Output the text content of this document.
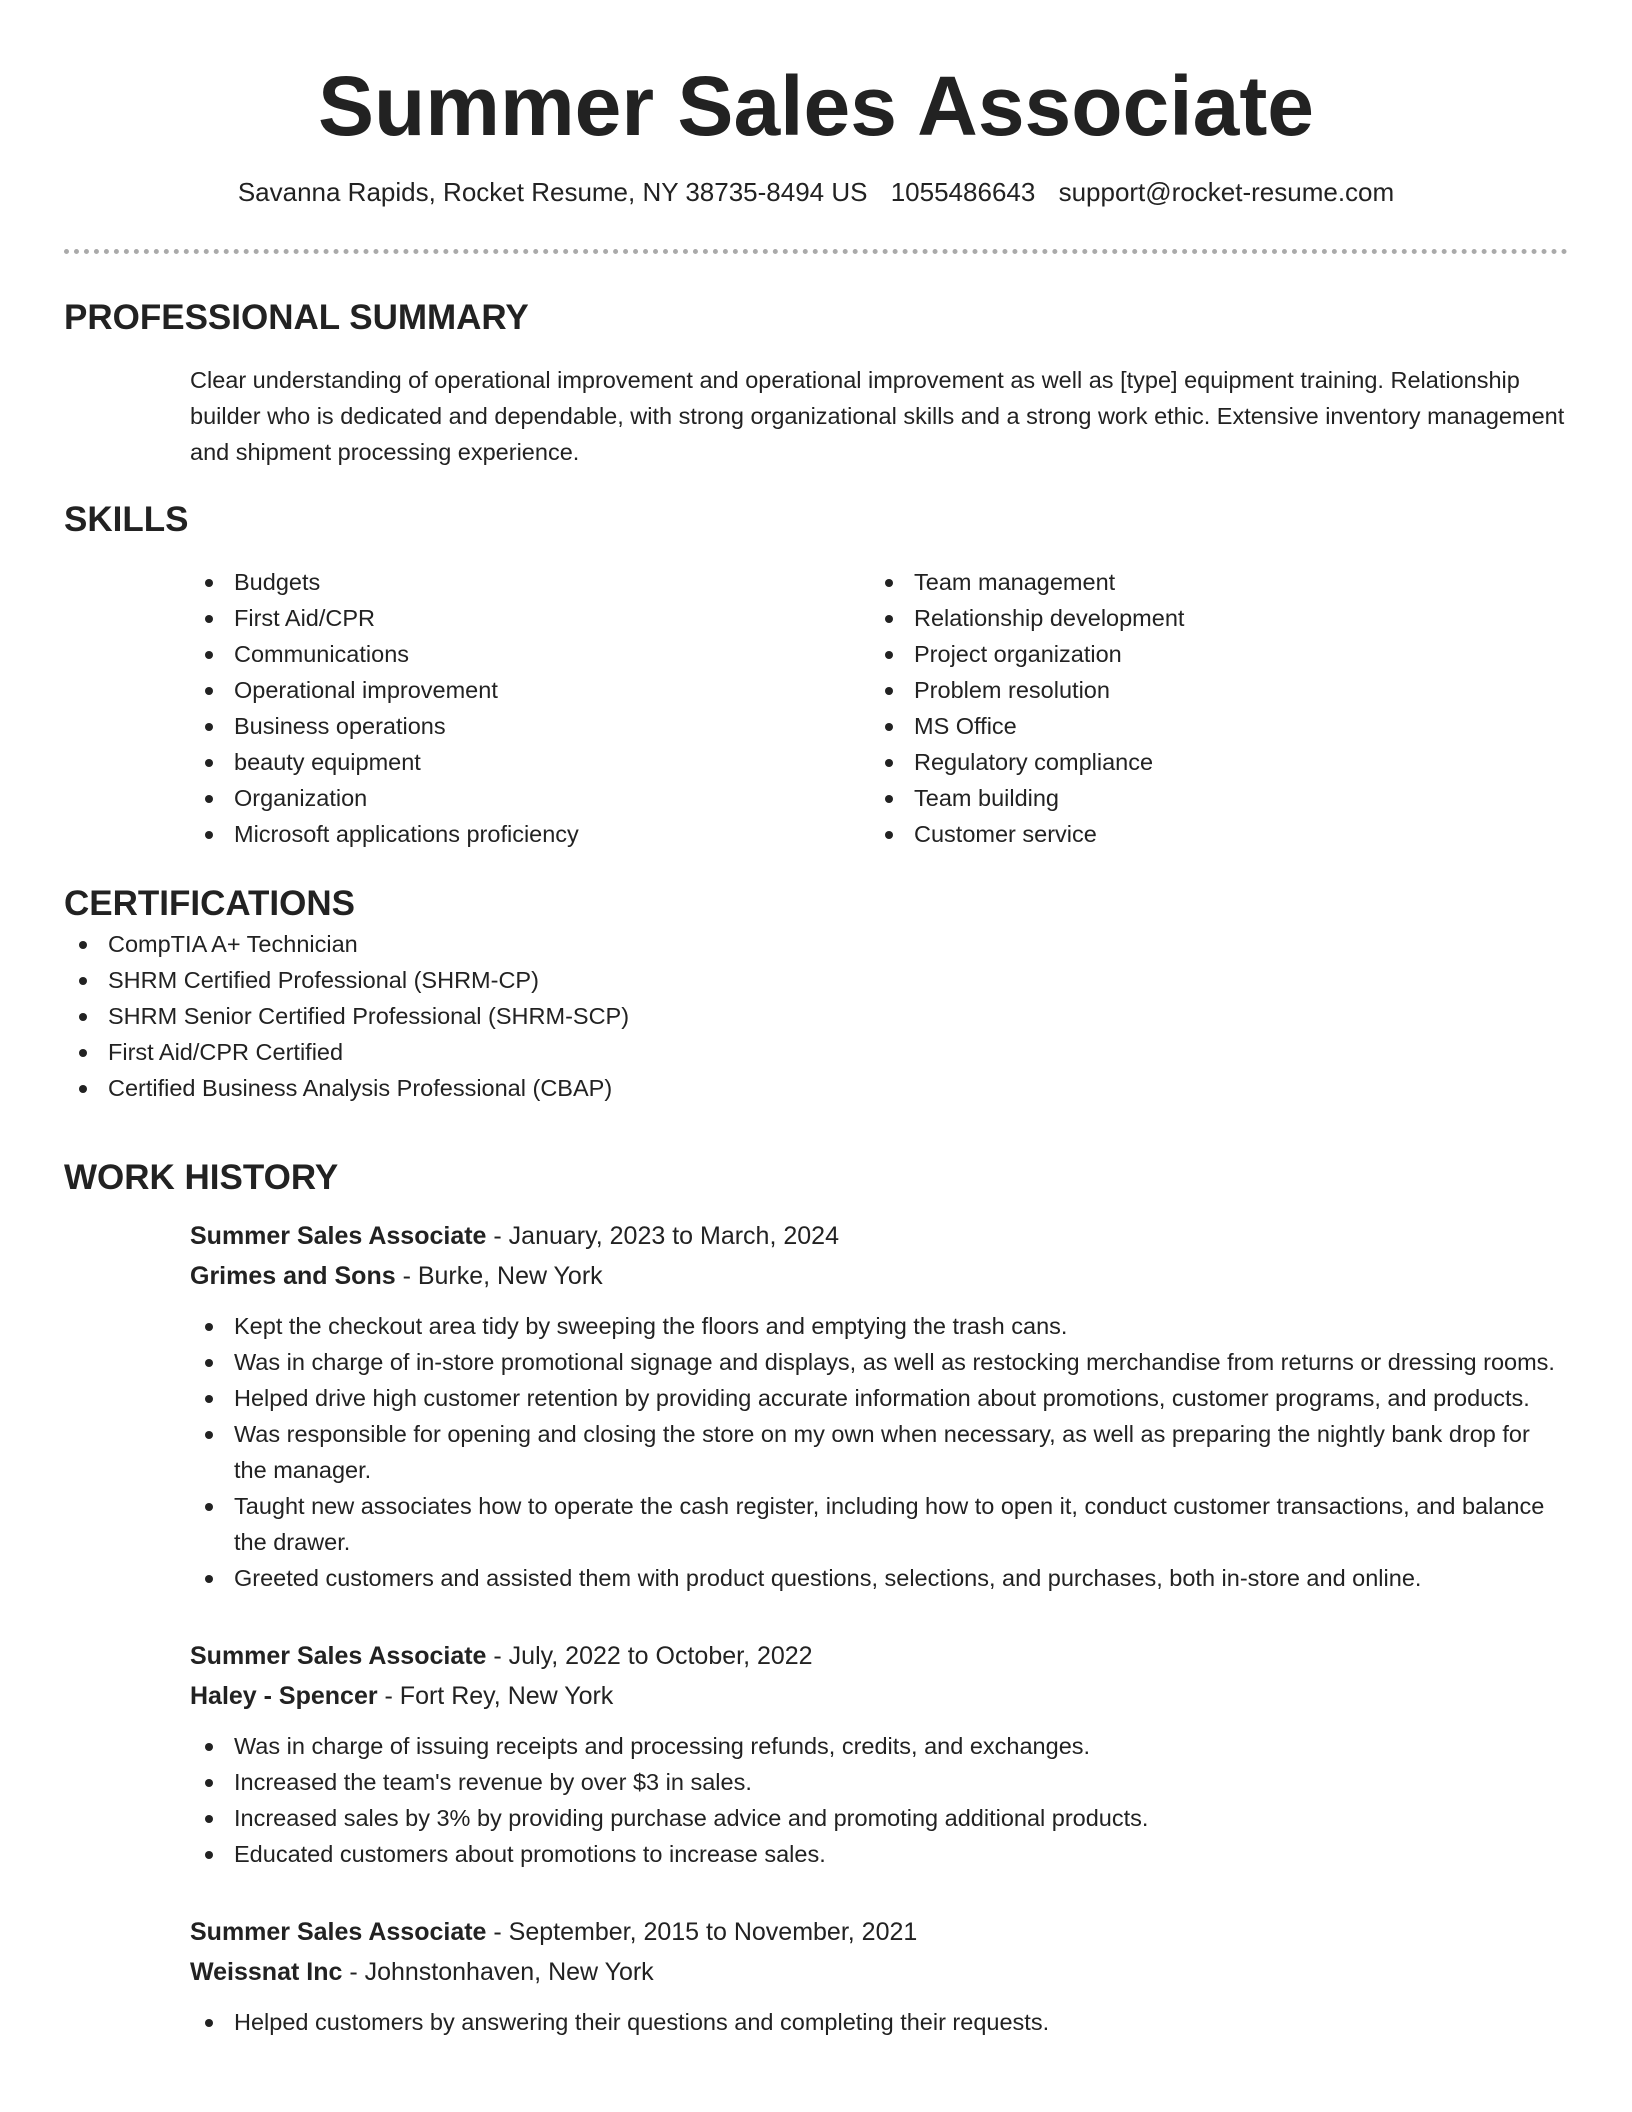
Summer Sales Associate
Savanna Rapids, Rocket Resume, NY 38735-8494 US 1055486643 support@rocket-resume.com
PROFESSIONAL SUMMARY

Clear understanding of operational improvement and operational improvement as well as [type] equipment training. Relationship builder who is dedicated and dependable, with strong organizational skills and a strong work ethic. Extensive inventory management and shipment processing experience.

SKILLS
Budgets
First Aid/CPR
Communications
Operational improvement
Business operations
beauty equipment
Organization
Microsoft applications proficiency
Team management
Relationship development
Project organization
Problem resolution
MS Office
Regulatory compliance
Team building
Customer service
CERTIFICATIONS
CompTIA A+ Technician
SHRM Certified Professional (SHRM-CP)
SHRM Senior Certified Professional (SHRM-SCP)
First Aid/CPR Certified
Certified Business Analysis Professional (CBAP)
WORK HISTORY
Summer Sales Associate - January, 2023 to March, 2024
Grimes and Sons - Burke, New York
Kept the checkout area tidy by sweeping the floors and emptying the trash cans.
Was in charge of in-store promotional signage and displays, as well as restocking merchandise from returns or dressing rooms.
Helped drive high customer retention by providing accurate information about promotions, customer programs, and products.
Was responsible for opening and closing the store on my own when necessary, as well as preparing the nightly bank drop for the manager.
Taught new associates how to operate the cash register, including how to open it, conduct customer transactions, and balance the drawer.
Greeted customers and assisted them with product questions, selections, and purchases, both in-store and online.
Summer Sales Associate - July, 2022 to October, 2022
Haley - Spencer - Fort Rey, New York
Was in charge of issuing receipts and processing refunds, credits, and exchanges.
Increased the team's revenue by over $3 in sales.
Increased sales by 3% by providing purchase advice and promoting additional products.
Educated customers about promotions to increase sales.
Summer Sales Associate - September, 2015 to November, 2021
Weissnat Inc - Johnstonhaven, New York
Helped customers by answering their questions and completing their requests.
